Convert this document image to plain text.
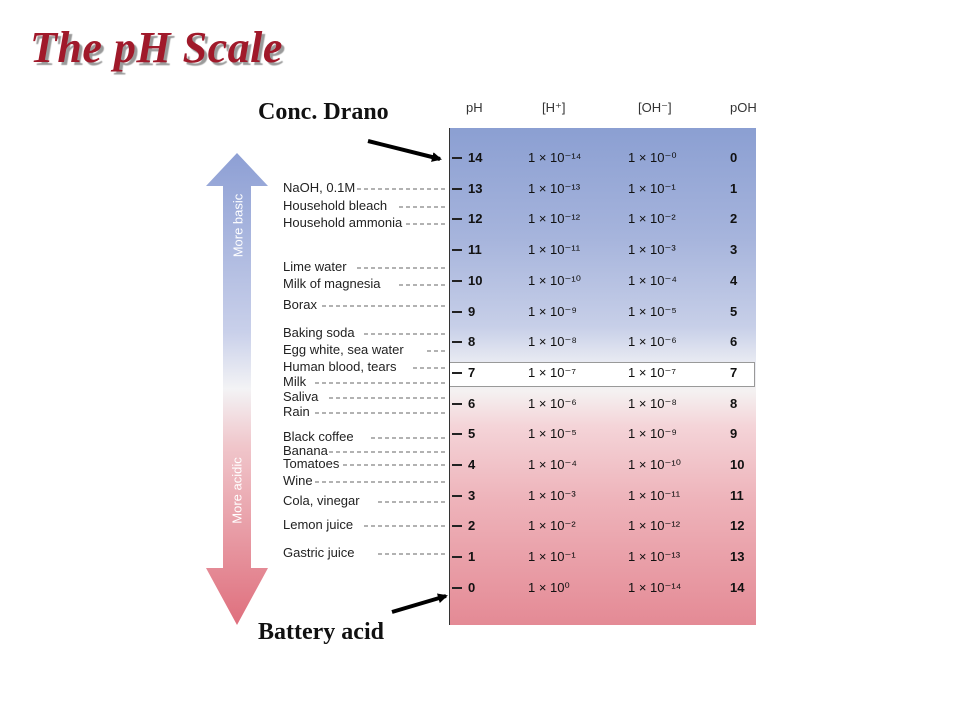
The pH Scale
Conc. Drano
Battery acid
pH	[H⁺]	[OH⁻]	pOH
14	1 × 10⁻¹⁴	1 × 10⁻⁰	0
13	1 × 10⁻¹³	1 × 10⁻¹	1
12	1 × 10⁻¹²	1 × 10⁻²	2
11	1 × 10⁻¹¹	1 × 10⁻³	3
10	1 × 10⁻¹⁰	1 × 10⁻⁴	4
9	1 × 10⁻⁹	1 × 10⁻⁵	5
8	1 × 10⁻⁸	1 × 10⁻⁶	6
7	1 × 10⁻⁷	1 × 10⁻⁷	7
6	1 × 10⁻⁶	1 × 10⁻⁸	8
5	1 × 10⁻⁵	1 × 10⁻⁹	9
4	1 × 10⁻⁴	1 × 10⁻¹⁰	10
3	1 × 10⁻³	1 × 10⁻¹¹	11
2	1 × 10⁻²	1 × 10⁻¹²	12
1	1 × 10⁻¹	1 × 10⁻¹³	13
0	1 × 10⁰	1 × 10⁻¹⁴	14
NaOH, 0.1M
Household bleach
Household ammonia
Lime water
Milk of magnesia
Borax
Baking soda
Egg white, sea water
Human blood, tears
Milk
Saliva
Rain
Black coffee
Banana
Tomatoes
Wine
Cola, vinegar
Lemon juice
Gastric juice
More basic
More acidic
